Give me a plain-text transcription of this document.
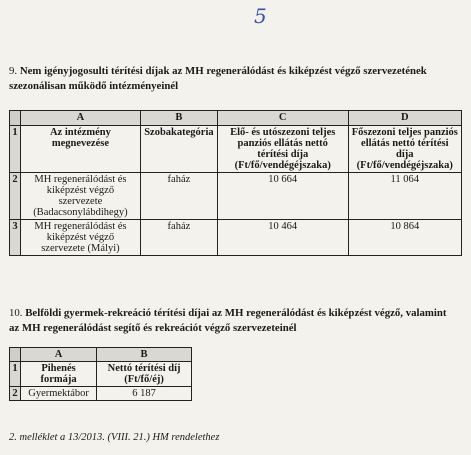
5
9. Nem igényjogosulti térítési díjak az MH regenerálódást és kiképzést végző szervezetének szezonálisan működő intézményeinél
	A	B	C	D
1	Az intézmény megnevezése	Szobakategória	Elő- és utószezoni teljes panziós ellátás nettó térítési díja (Ft/fő/vendégéjszaka)	Főszezoni teljes panziós ellátás nettó térítési díja (Ft/fő/vendégéjszaka)
2	MH regenerálódást és kiképzést végző szervezete (Badacsonylábdihegy)	faház	10 664	11 064
3	MH regenerálódást és kiképzést végző szervezete (Mályi)	faház	10 464	10 864
10. Belföldi gyermek-rekreáció térítési díjai az MH regenerálódást és kiképzést végző, valamint az MH regenerálódást segítő és rekreációt végző szervezeteinél
	A	B
1	Pihenés formája	Nettó térítési díj (Ft/fő/éj)
2	Gyermektábor	6 187
2. melléklet a 13/2013. (VIII. 21.) HM rendelethez
